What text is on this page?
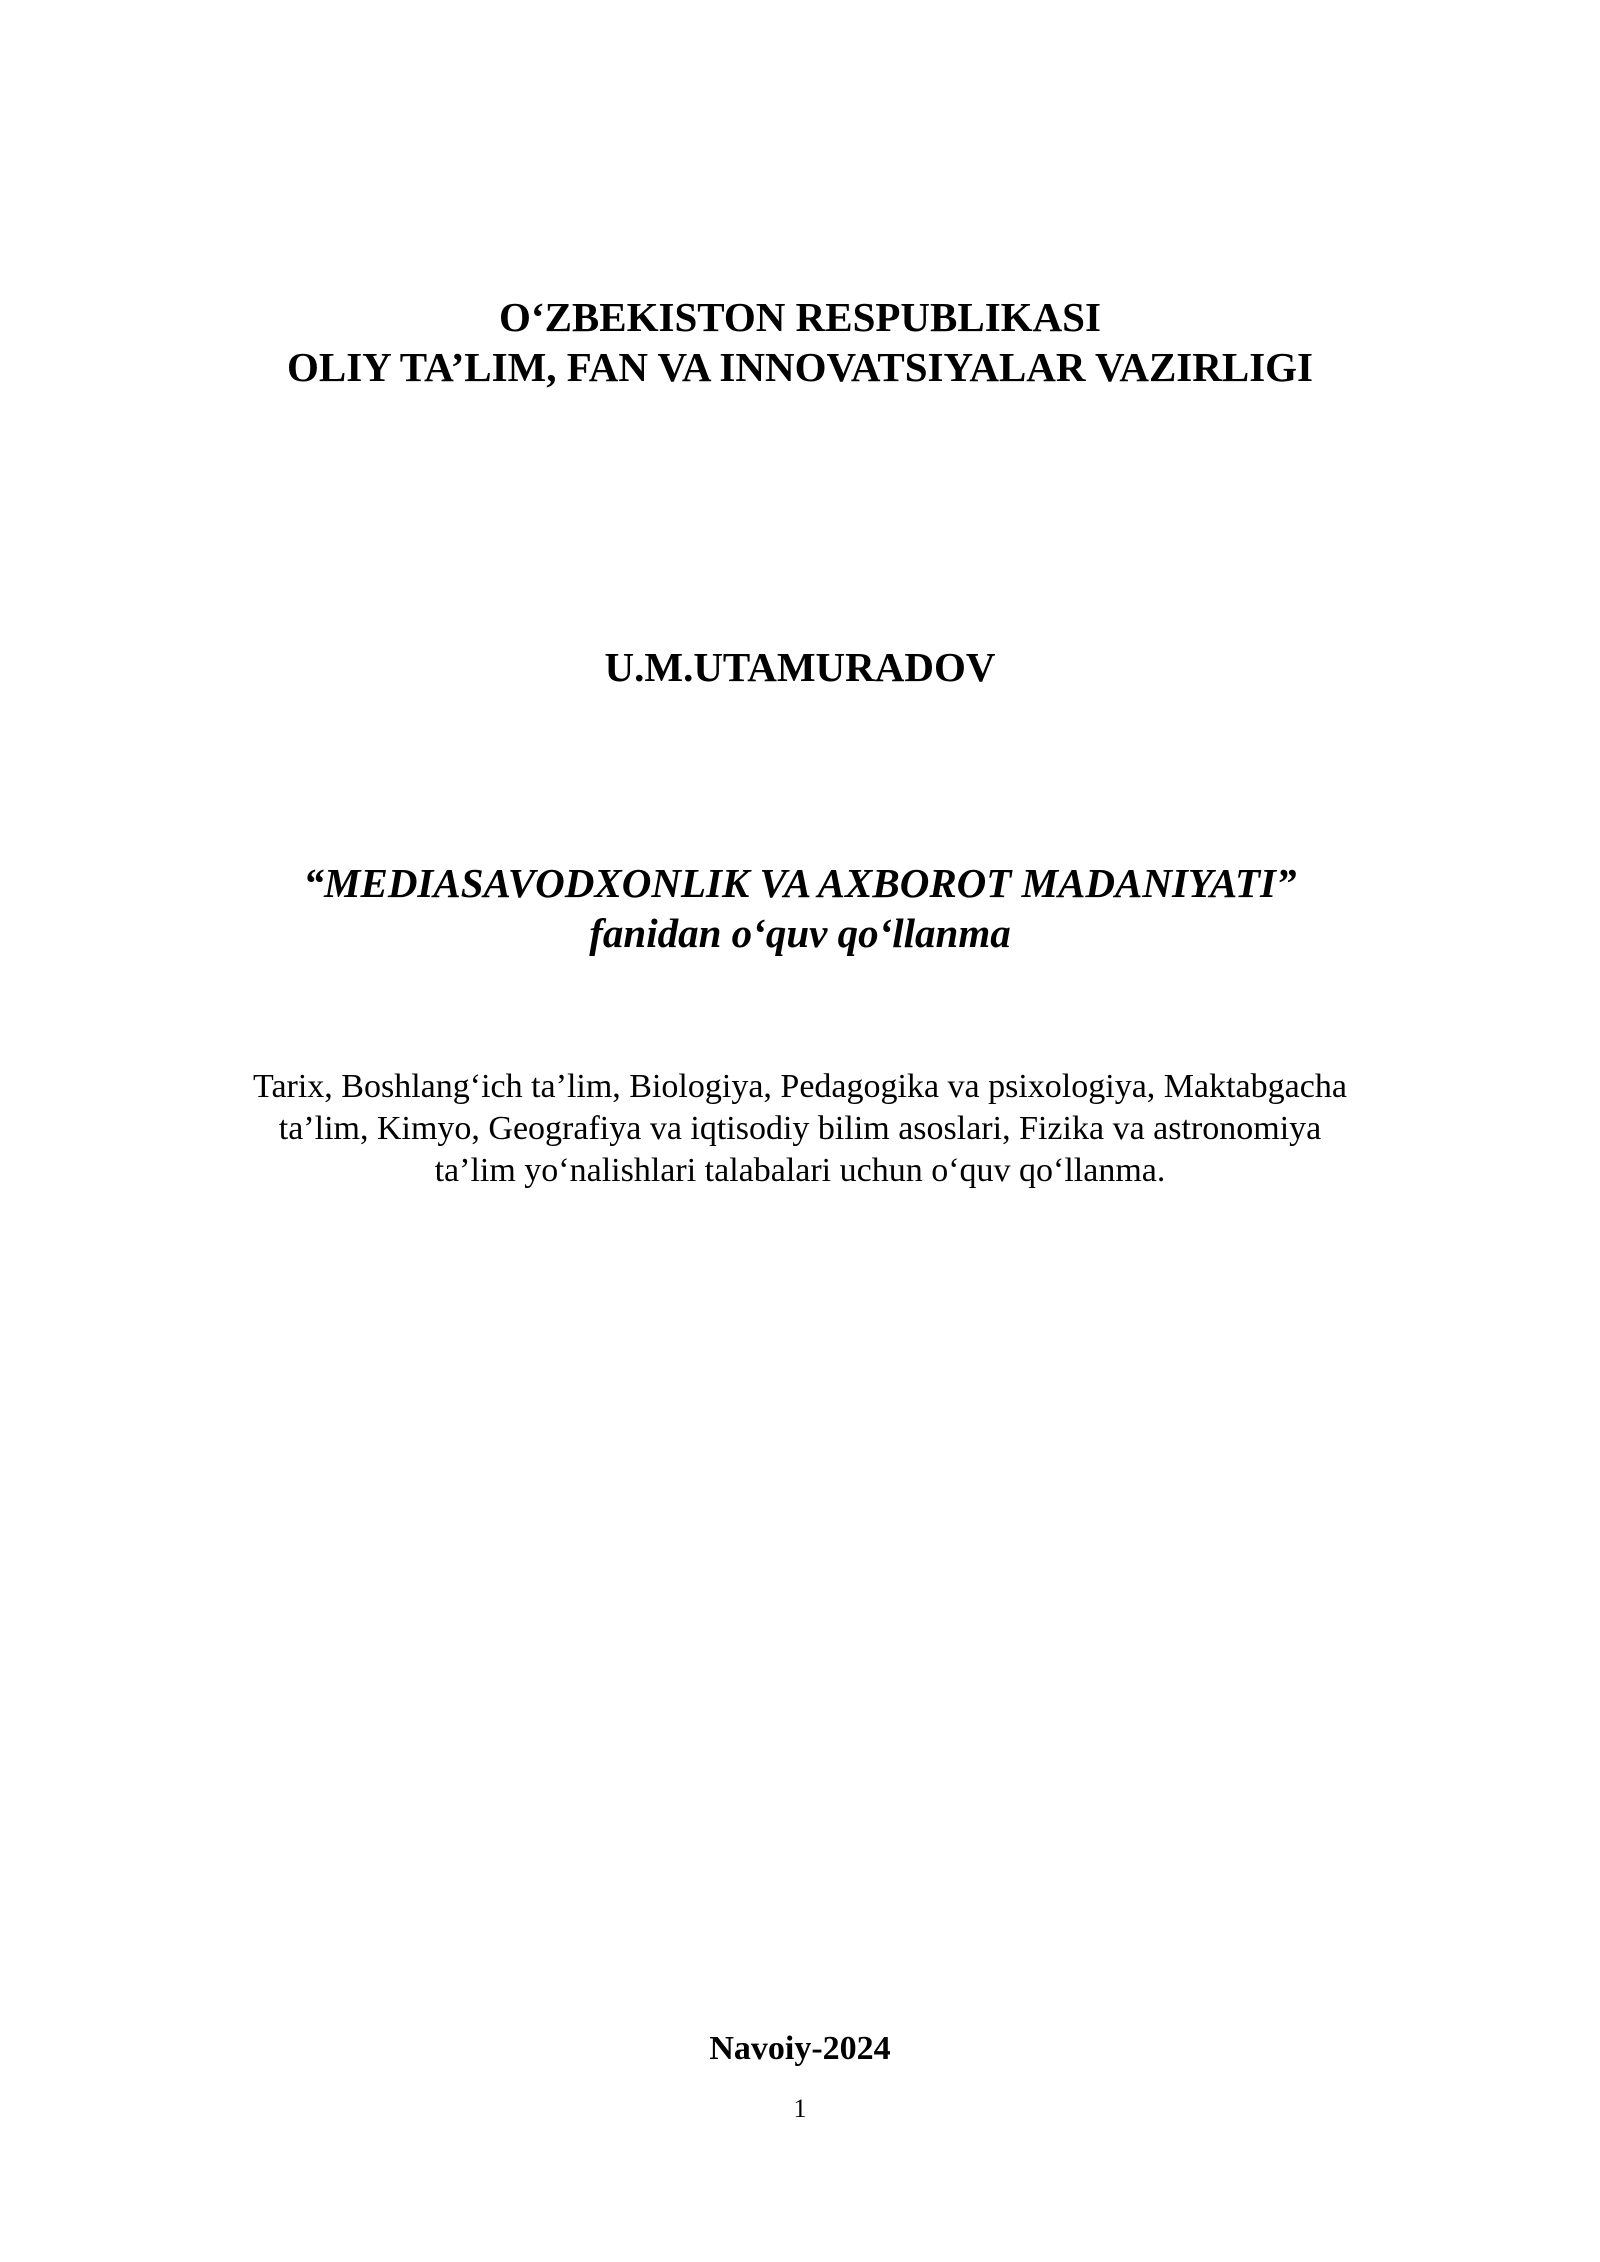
O‘ZBEKISTON RESPUBLIKASI
OLIY TA’LIM, FAN VA INNOVATSIYALAR VAZIRLIGI
U.M.UTAMURADOV
“MEDIASAVODXONLIK VA AXBOROT MADANIYATI”
fanidan o‘quv qo‘llanma
Tarix, Boshlang‘ich ta’lim, Biologiya, Pedagogika va psixologiya, Maktabgacha
ta’lim, Kimyo, Geografiya va iqtisodiy bilim asoslari, Fizika va astronomiya
ta’lim yo‘nalishlari talabalari uchun o‘quv qo‘llanma.
Navoiy-2024
1
